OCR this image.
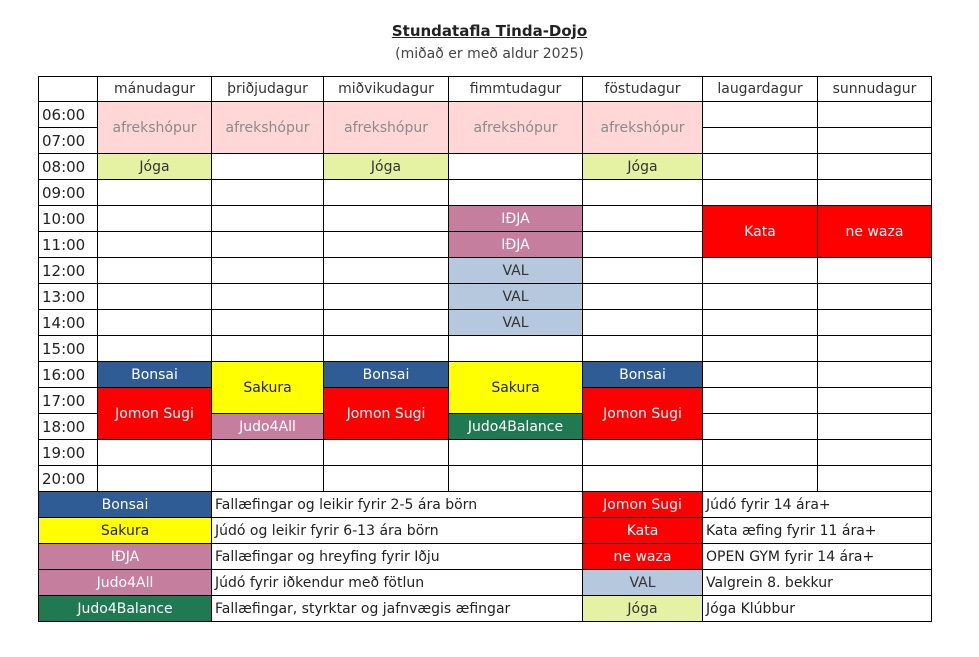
Stundatafla Tinda-Dojo
(miðað er með aldur 2025)
	mánudagur	þriðjudagur	miðvikudagur	fimmtudagur	föstudagur	laugardagur	sunnudagur
06:00	afrekshópur	afrekshópur	afrekshópur	afrekshópur	afrekshópur		
07:00							
08:00	Jóga		Jóga		Jóga		
09:00							
10:00				IÐJA		Kata	ne waza
11:00				IÐJA			
12:00				VAL			
13:00				VAL			
14:00				VAL			
15:00							
16:00	Bonsai	Sakura	Bonsai	Sakura	Bonsai		
17:00	Jomon Sugi		Jomon Sugi		Jomon Sugi		
18:00		Judo4All		Judo4Balance			
19:00							
20:00							
Bonsai		Fallæfingar og leikir fyrir 2-5 ára börn			Jomon Sugi	Júdó fyrir 14 ára+	
Sakura		Júdó og leikir fyrir 6-13 ára börn			Kata	Kata æfing fyrir 11 ára+	
IÐJA		Fallæfingar og hreyfing fyrir Iðju			ne waza	OPEN GYM fyrir 14 ára+	
Judo4All		Júdó fyrir iðkendur með fötlun			VAL	Valgrein 8. bekkur	
Judo4Balance		Fallæfingar, styrktar og jafnvægis æfingar			Jóga	Jóga Klúbbur	
